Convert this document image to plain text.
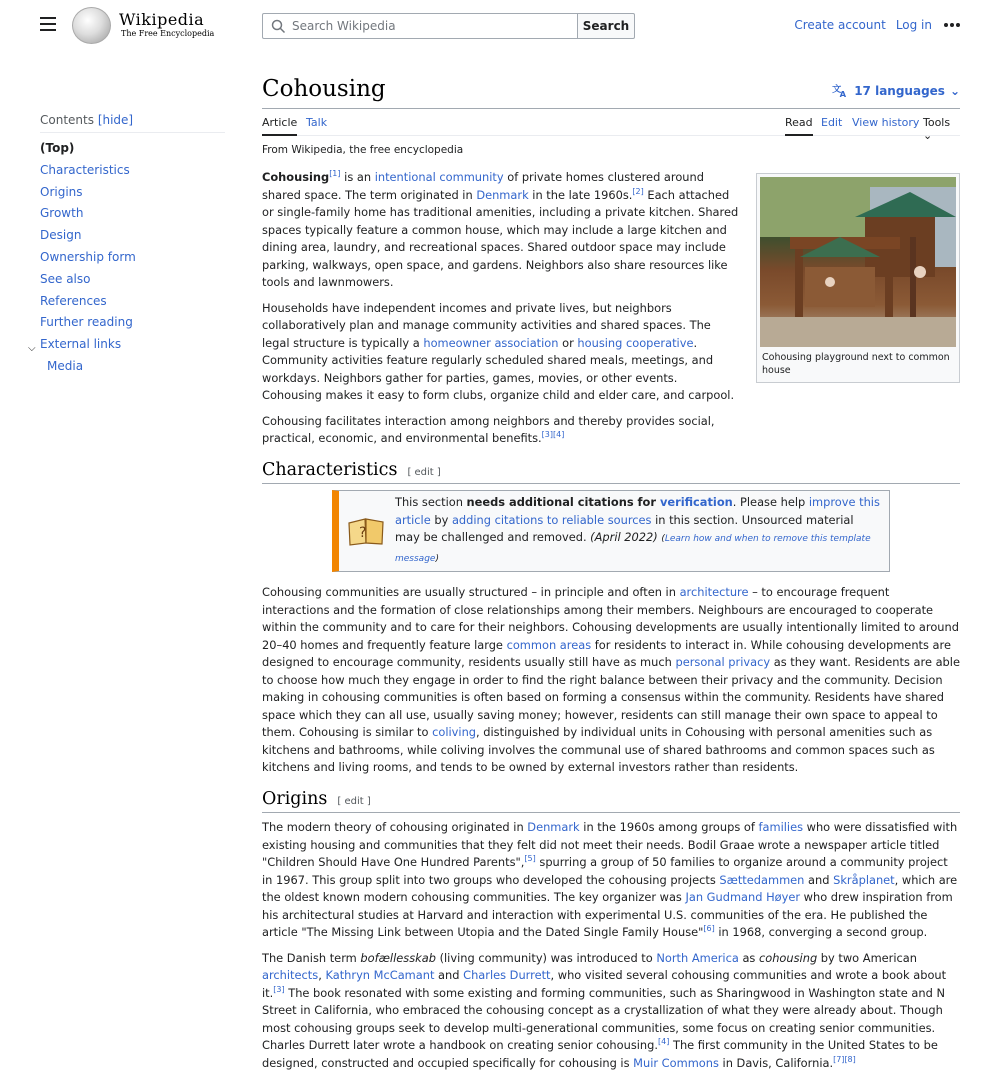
Wikipedia
The Free Encyclopedia
Search Wikipedia
Search	Create account Log in
Contents [hide]
(Top)
Characteristics
Origins
Growth
Design
Ownership form
See also
References
Further reading
⌵ External links
Media
Cohousing	文
A 17 languages ⌄
Article Talk	Read Edit View history Tools ⌄
From Wikipedia, the free encyclopedia

Cohousing[1] is an intentional community of private homes clustered around shared space. The term originated in Denmark in the late 1960s.[2] Each attached or single-family home has traditional amenities, including a private kitchen. Shared spaces typically feature a common house, which may include a large kitchen and dining area, laundry, and recreational spaces. Shared outdoor space may include parking, walkways, open space, and gardens. Neighbors also share resources like tools and lawnmowers.

Households have independent incomes and private lives, but neighbors collaboratively plan and manage community activities and shared spaces. The legal structure is typically a homeowner association or housing cooperative. Community activities feature regularly scheduled shared meals, meetings, and workdays. Neighbors gather for parties, games, movies, or other events. Cohousing makes it easy to form clubs, organize child and elder care, and carpool.

Cohousing facilitates interaction among neighbors and thereby provides social, practical, economic, and environmental benefits.[3][4]

Cohousing playground next to common house
Characteristics [ edit ]
?
This section needs additional citations for verification. Please help improve this article by adding citations to reliable sources in this section. Unsourced material may be challenged and removed. (April 2022) (Learn how and when to remove this template message)

Cohousing communities are usually structured – in principle and often in architecture – to encourage frequent interactions and the formation of close relationships among their members. Neighbours are encouraged to cooperate within the community and to care for their neighbors. Cohousing developments are usually intentionally limited to around 20–40 homes and frequently feature large common areas for residents to interact in. While cohousing developments are designed to encourage community, residents usually still have as much personal privacy as they want. Residents are able to choose how much they engage in order to find the right balance between their privacy and the community. Decision making in cohousing communities is often based on forming a consensus within the community. Residents have shared space which they can all use, usually saving money; however, residents can still manage their own space to appeal to them. Cohousing is similar to coliving, distinguished by individual units in Cohousing with personal amenities such as kitchens and bathrooms, while coliving involves the communal use of shared bathrooms and common spaces such as kitchens and living rooms, and tends to be owned by external investors rather than residents.

Origins [ edit ]

The modern theory of cohousing originated in Denmark in the 1960s among groups of families who were dissatisfied with existing housing and communities that they felt did not meet their needs. Bodil Graae wrote a newspaper article titled "Children Should Have One Hundred Parents",[5] spurring a group of 50 families to organize around a community project in 1967. This group split into two groups who developed the cohousing projects Sættedammen and Skråplanet, which are the oldest known modern cohousing communities. The key organizer was Jan Gudmand Høyer who drew inspiration from his architectural studies at Harvard and interaction with experimental U.S. communities of the era. He published the article "The Missing Link between Utopia and the Dated Single Family House"[6] in 1968, converging a second group.

The Danish term bofællesskab (living community) was introduced to North America as cohousing by two American architects, Kathryn McCamant and Charles Durrett, who visited several cohousing communities and wrote a book about it.[3] The book resonated with some existing and forming communities, such as Sharingwood in Washington state and N Street in California, who embraced the cohousing concept as a crystallization of what they were already about. Though most cohousing groups seek to develop multi-generational communities, some focus on creating senior communities. Charles Durrett later wrote a handbook on creating senior cohousing.[4] The first community in the United States to be designed, constructed and occupied specifically for cohousing is Muir Commons in Davis, California.[7][8]
